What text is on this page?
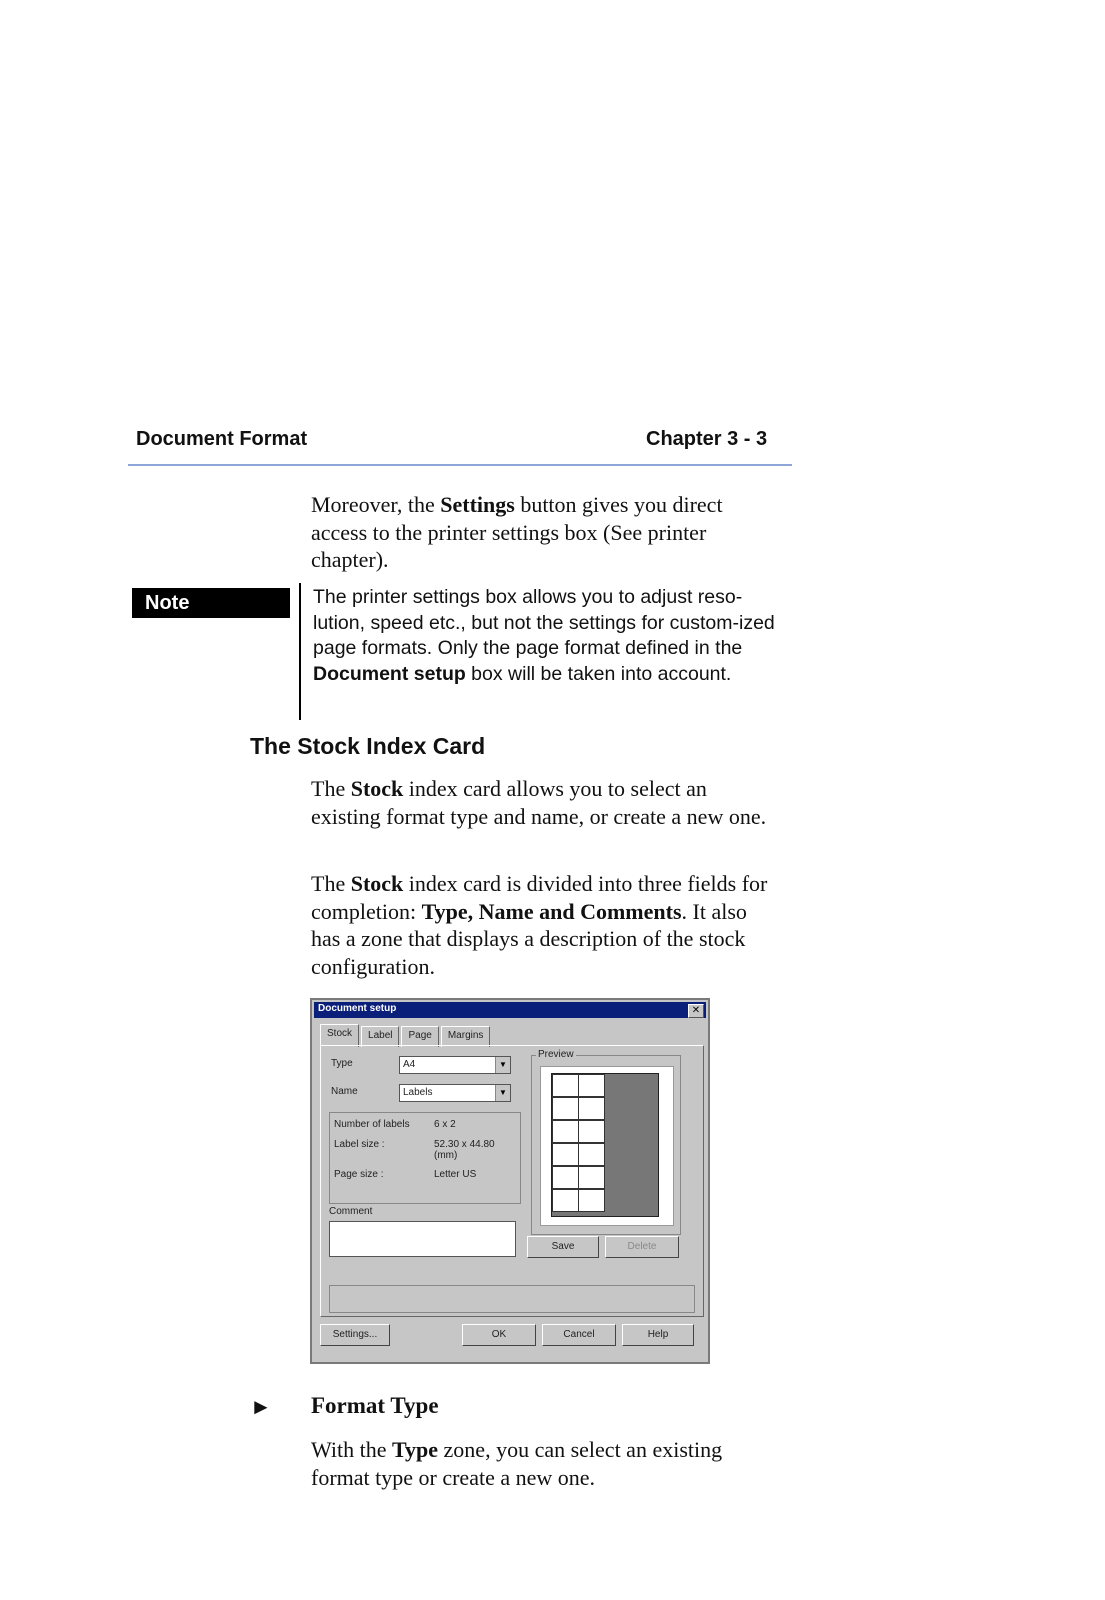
Document Format	Chapter 3 - 3
Moreover, the Settings button gives you direct access to the printer settings box (See printer chapter).
Note	The printer settings box allows you to adjust reso-lution, speed etc., but not the settings for custom-ized page formats. Only the page format defined in the Document setup box will be taken into account.
The Stock Index Card
The Stock index card allows you to select an existing format type and name, or create a new one.
The Stock index card is divided into three fields for completion: Type, Name and Comments. It also has a zone that displays a description of the stock configuration.
Document setup	✕
Stock	Label	Page	Margins
Type	A4	▼
Name	Labels	▼
Number of labels 6 x 2
Label size :	52.30 x 44.80 (mm)
Page size :	Letter US
Comment
Preview
Save	Delete
Settings...	OK	Cancel	Help
► Format Type
With the Type zone, you can select an existing format type or create a new one.
